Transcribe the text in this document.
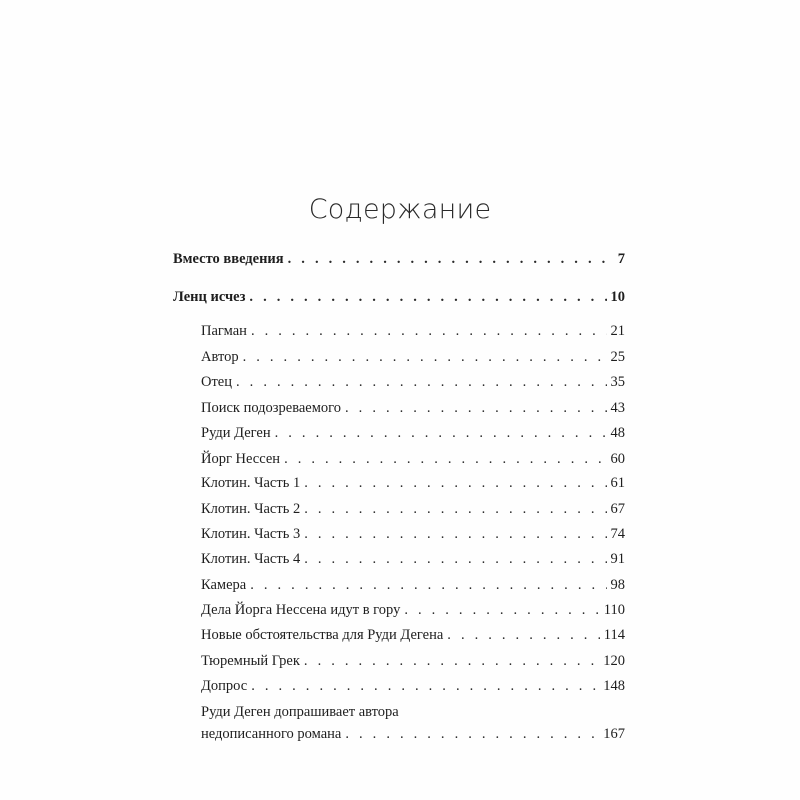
Содержание
Вместо введения . . .	7
Ленц исчез . . .	10
Пагман . . .	21
Автор . . .	25
Отец . . .	35
Поиск подозреваемого . . .	43
Руди Деген . . .	48
Йорг Нессен . . .	60
Клотин. Часть 1 . . .	61
Клотин. Часть 2 . . .	67
Клотин. Часть 3 . . .	74
Клотин. Часть 4 . . .	91
Камера . . .	98
Дела Йорга Нессена идут в гору . . .	110
Новые обстоятельства для Руди Дегена . . .	114
Тюремный Грек . . .	120
Допрос . . .	148
Руди Деген допрашивает автора
недописанного романа . . .	167
